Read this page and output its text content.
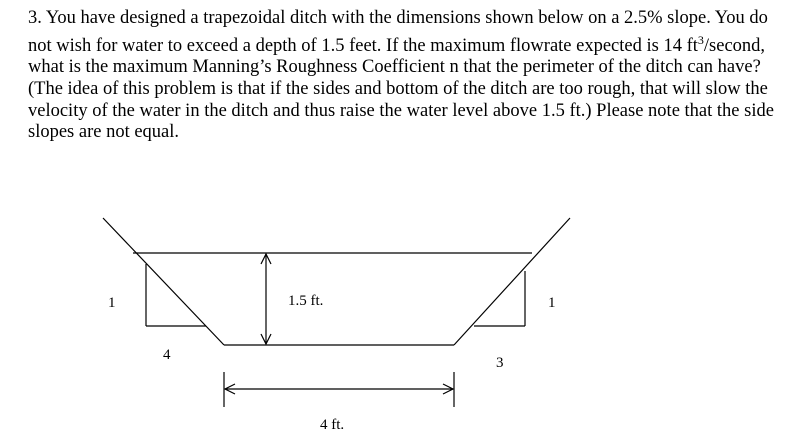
3. You have designed a trapezoidal ditch with the dimensions shown below on a 2.5% slope. You do not wish for water to exceed a depth of 1.5 feet. If the maximum flowrate expected is 14 $ft^3$/second, what is the maximum Manning’s Roughness Coefficient n that the perimeter of the ditch can have? (The idea of this problem is that if the sides and bottom of the ditch are too rough, that will slow the velocity of the water in the ditch and thus raise the water level above 1.5 ft.) Please note that the side slopes are not equal.

1
4
1
3
1.5 ft.
4 ft.
